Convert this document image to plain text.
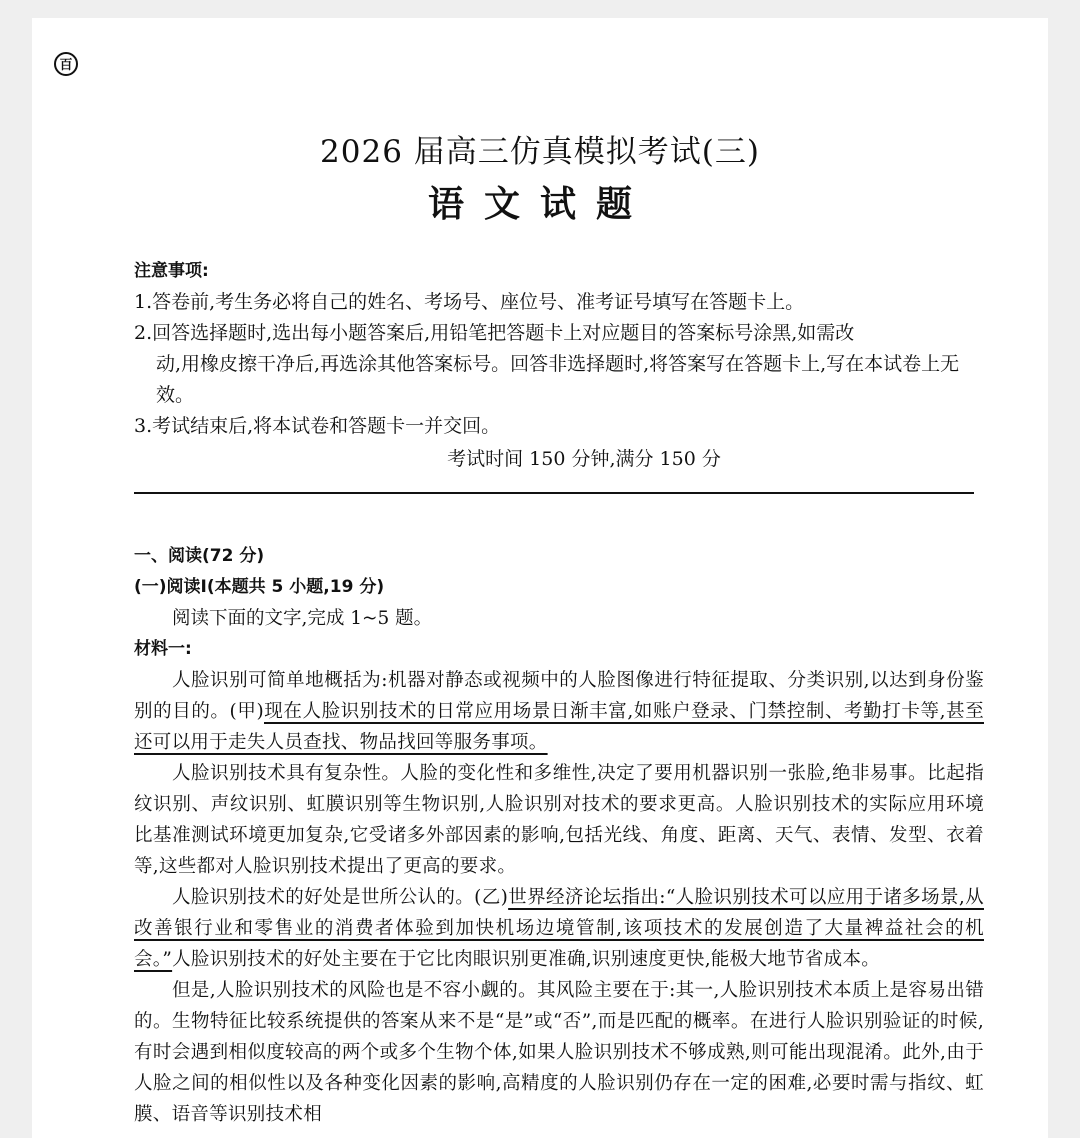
百
2026 届高三仿真模拟考试(三)
语文试题
注意事项:
1.答卷前,考生务必将自己的姓名、考场号、座位号、准考证号填写在答题卡上。
2.回答选择题时,选出每小题答案后,用铅笔把答题卡上对应题目的答案标号涂黑,如需改
动,用橡皮擦干净后,再选涂其他答案标号。回答非选择题时,将答案写在答题卡上,写在本试卷上无效。
3.考试结束后,将本试卷和答题卡一并交回。
考试时间 150 分钟,满分 150 分
一、阅读(72 分)
(一)阅读Ⅰ(本题共 5 小题,19 分)
阅读下面的文字,完成 1~5 题。
材料一:

人脸识别可简单地概括为:机器对静态或视频中的人脸图像进行特征提取、分类识别,以达到身份鉴别的目的。(甲)现在人脸识别技术的日常应用场景日渐丰富,如账户登录、门禁控制、考勤打卡等,甚至还可以用于走失人员查找、物品找回等服务事项。

人脸识别技术具有复杂性。人脸的变化性和多维性,决定了要用机器识别一张脸,绝非易事。比起指纹识别、声纹识别、虹膜识别等生物识别,人脸识别对技术的要求更高。人脸识别技术的实际应用环境比基准测试环境更加复杂,它受诸多外部因素的影响,包括光线、角度、距离、天气、表情、发型、衣着等,这些都对人脸识别技术提出了更高的要求。

人脸识别技术的好处是世所公认的。(乙)世界经济论坛指出:“人脸识别技术可以应用于诸多场景,从改善银行业和零售业的消费者体验到加快机场边境管制,该项技术的发展创造了大量裨益社会的机会。”人脸识别技术的好处主要在于它比肉眼识别更准确,识别速度更快,能极大地节省成本。

但是,人脸识别技术的风险也是不容小觑的。其风险主要在于:其一,人脸识别技术本质上是容易出错的。生物特征比较系统提供的答案从来不是“是”或“否”,而是匹配的概率。在进行人脸识别验证的时候,有时会遇到相似度较高的两个或多个生物个体,如果人脸识别技术不够成熟,则可能出现混淆。此外,由于人脸之间的相似性以及各种变化因素的影响,高精度的人脸识别仍存在一定的困难,必要时需与指纹、虹膜、语音等识别技术相
